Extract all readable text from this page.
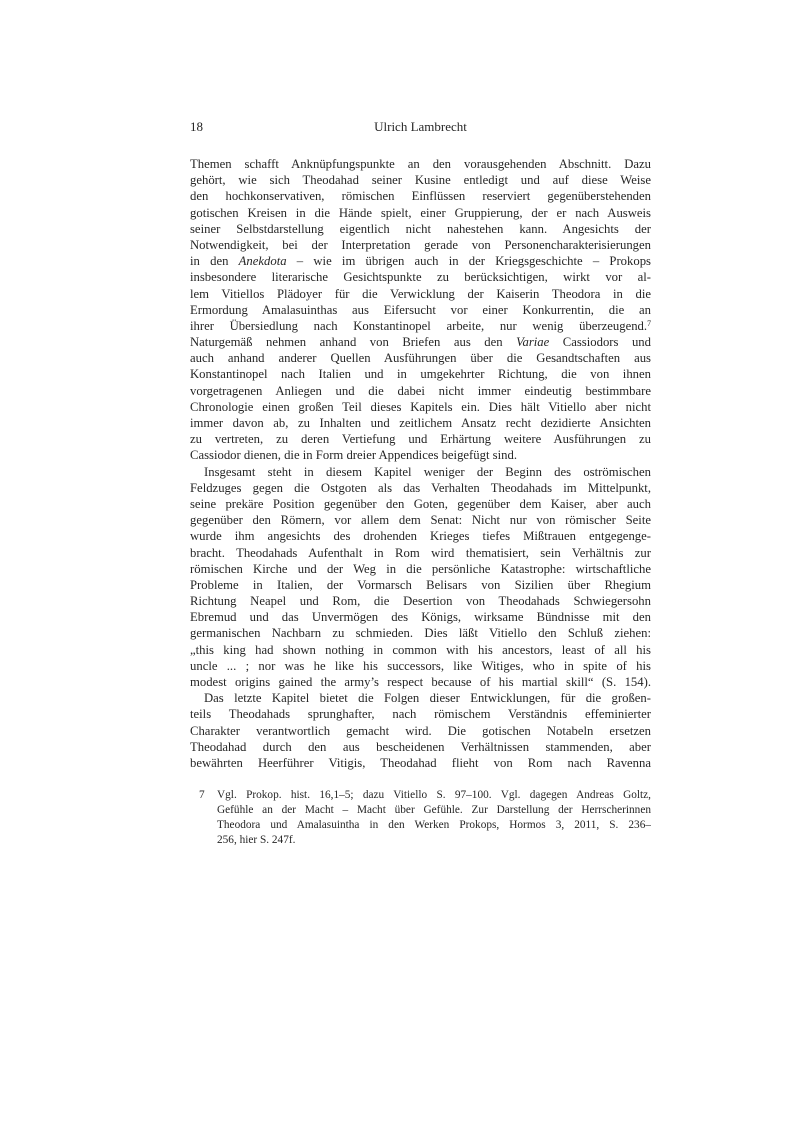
18	Ulrich Lambrecht
Themen schafft Anknüpfungspunkte an den vorausgehenden Abschnitt. Dazu
gehört, wie sich Theodahad seiner Kusine entledigt und auf diese Weise
den hochkonservativen, römischen Einflüssen reserviert gegenüberstehenden
gotischen Kreisen in die Hände spielt, einer Gruppierung, der er nach Ausweis
seiner Selbstdarstellung eigentlich nicht nahestehen kann. Angesichts der
Notwendigkeit, bei der Interpretation gerade von Personencharakterisierungen
in den Anekdota – wie im übrigen auch in der Kriegsgeschichte – Prokops
insbesondere literarische Gesichtspunkte zu berücksichtigen, wirkt vor al-
lem Vitiellos Plädoyer für die Verwicklung der Kaiserin Theodora in die
Ermordung Amalasuinthas aus Eifersucht vor einer Konkurrentin, die an
ihrer Übersiedlung nach Konstantinopel arbeite, nur wenig überzeugend.$^7$
Naturgemäß nehmen anhand von Briefen aus den Variae Cassiodors und
auch anhand anderer Quellen Ausführungen über die Gesandtschaften aus
Konstantinopel nach Italien und in umgekehrter Richtung, die von ihnen
vorgetragenen Anliegen und die dabei nicht immer eindeutig bestimmbare
Chronologie einen großen Teil dieses Kapitels ein. Dies hält Vitiello aber nicht
immer davon ab, zu Inhalten und zeitlichem Ansatz recht dezidierte Ansichten
zu vertreten, zu deren Vertiefung und Erhärtung weitere Ausführungen zu
Cassiodor dienen, die in Form dreier Appendices beigefügt sind.
Insgesamt steht in diesem Kapitel weniger der Beginn des oströmischen
Feldzuges gegen die Ostgoten als das Verhalten Theodahads im Mittelpunkt,
seine prekäre Position gegenüber den Goten, gegenüber dem Kaiser, aber auch
gegenüber den Römern, vor allem dem Senat: Nicht nur von römischer Seite
wurde ihm angesichts des drohenden Krieges tiefes Mißtrauen entgegenge-
bracht. Theodahads Aufenthalt in Rom wird thematisiert, sein Verhältnis zur
römischen Kirche und der Weg in die persönliche Katastrophe: wirtschaftliche
Probleme in Italien, der Vormarsch Belisars von Sizilien über Rhegium
Richtung Neapel und Rom, die Desertion von Theodahads Schwiegersohn
Ebremud und das Unvermögen des Königs, wirksame Bündnisse mit den
germanischen Nachbarn zu schmieden. Dies läßt Vitiello den Schluß ziehen:
„this king had shown nothing in common with his ancestors, least of all his
uncle ... ; nor was he like his successors, like Witiges, who in spite of his
modest origins gained the army’s respect because of his martial skill“ (S. 154).
Das letzte Kapitel bietet die Folgen dieser Entwicklungen, für die großen-
teils Theodahads sprunghafter, nach römischem Verständnis effeminierter
Charakter verantwortlich gemacht wird. Die gotischen Notabeln ersetzen
Theodahad durch den aus bescheidenen Verhältnissen stammenden, aber
bewährten Heerführer Vitigis, Theodahad flieht von Rom nach Ravenna
7 Vgl. Prokop. hist. 16,1–5; dazu Vitiello S. 97–100. Vgl. dagegen Andreas Goltz,
Gefühle an der Macht – Macht über Gefühle. Zur Darstellung der Herrscherinnen
Theodora und Amalasuintha in den Werken Prokops, Hormos 3, 2011, S. 236–
256, hier S. 247f.
